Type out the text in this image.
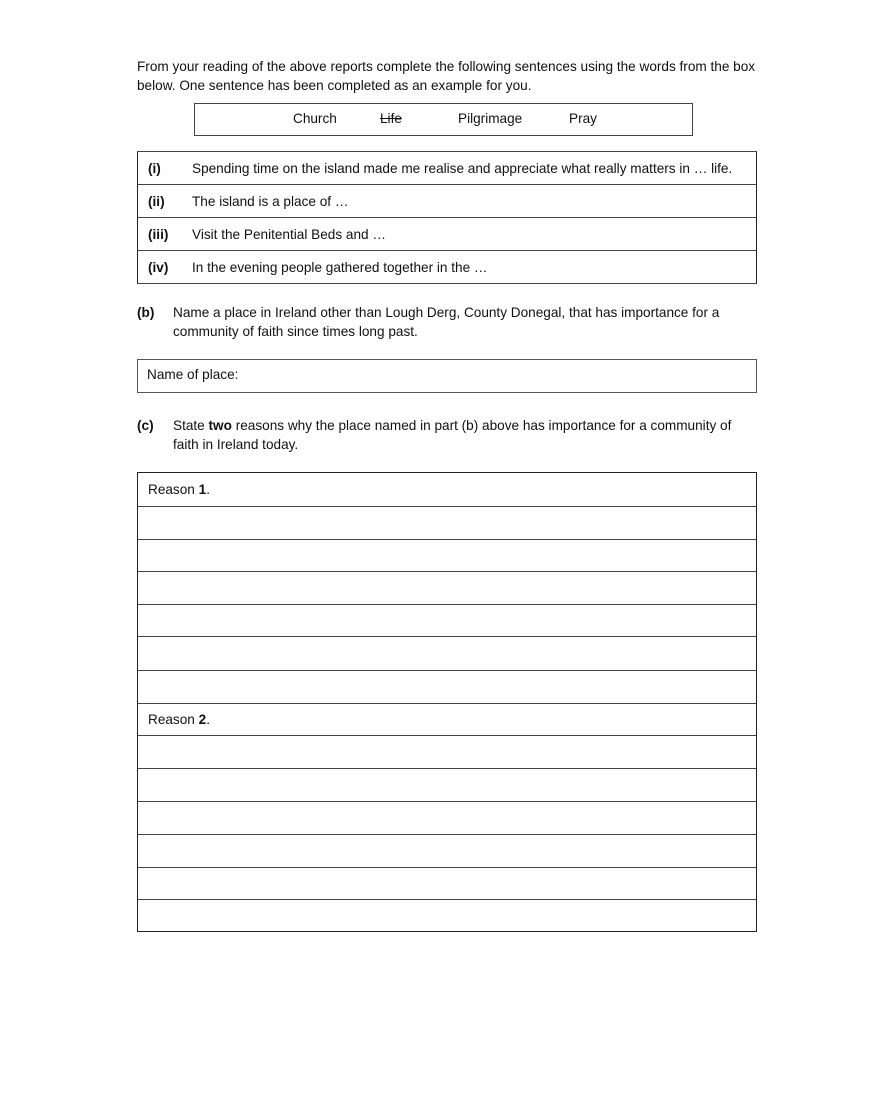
From your reading of the above reports complete the following sentences using the words from the box below. One sentence has been completed as an example for you.
Church	Life	Pilgrimage	Pray
(i)	Spending time on the island made me realise and appreciate what really matters in … life.
(ii)	The island is a place of …
(iii)	Visit the Penitential Beds and …
(iv)	In the evening people gathered together in the …
(b) Name a place in Ireland other than Lough Derg, County Donegal, that has importance for a community of faith since times long past.
Name of place:
(c) State two reasons why the place named in part (b) above has importance for a community of faith in Ireland today.
Reason 1.
Reason 2.
